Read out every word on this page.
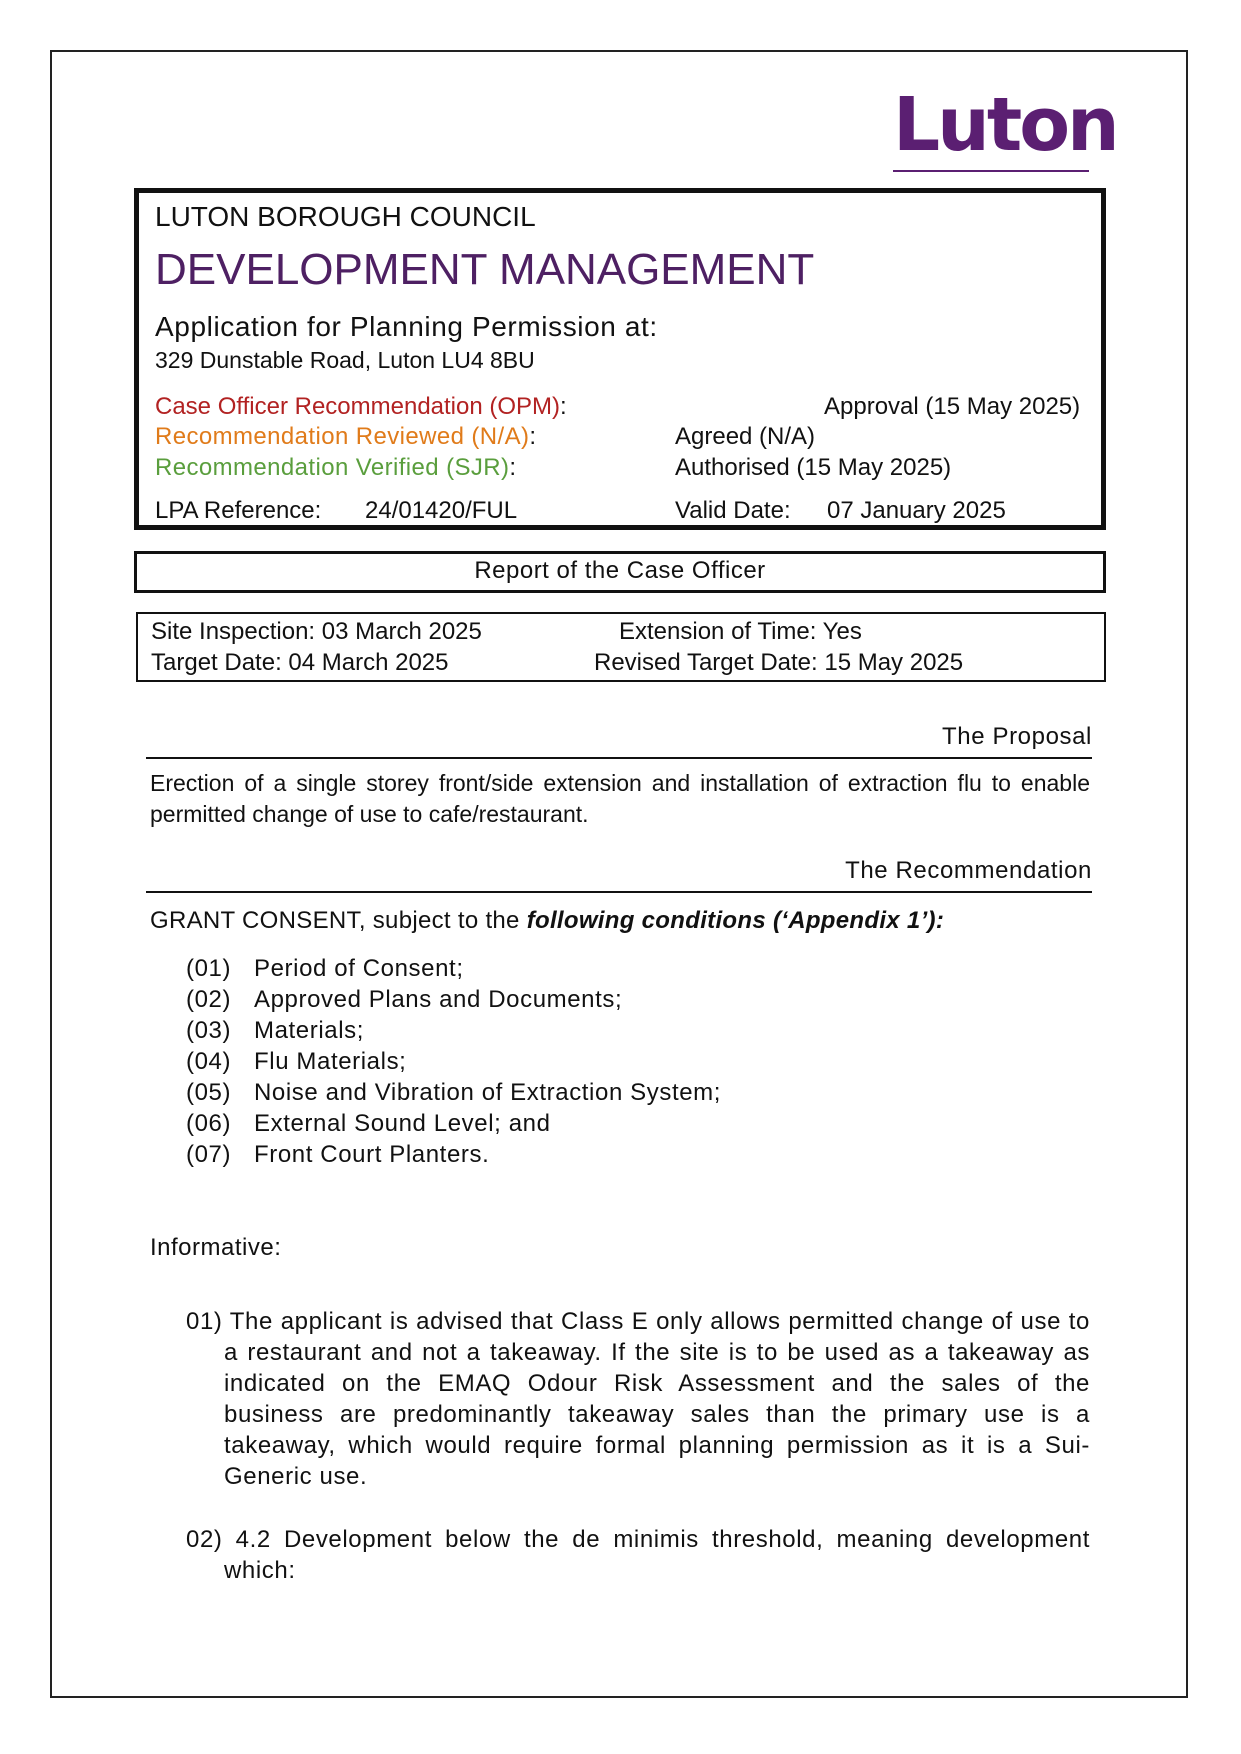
Luton
LUTON BOROUGH COUNCIL
DEVELOPMENT MANAGEMENT
Application for Planning Permission at:
329 Dunstable Road, Luton LU4 8BU
Case Officer Recommendation (OPM):	Approval (15 May 2025)
Recommendation Reviewed (N/A):	Agreed (N/A)
Recommendation Verified (SJR):	Authorised (15 May 2025)
LPA Reference: 24/01420/FUL	Valid Date: 07 January 2025
Report of the Case Officer
Site Inspection: 03 March 2025	Extension of Time: Yes
Target Date: 04 March 2025	Revised Target Date: 15 May 2025
The Proposal
Erection of a single storey front/side extension and installation of extraction flu to enable permitted change of use to cafe/restaurant.
The Recommendation
GRANT CONSENT, subject to the following conditions (‘Appendix 1’):
(01) Period of Consent;
(02) Approved Plans and Documents;
(03) Materials;
(04) Flu Materials;
(05) Noise and Vibration of Extraction System;
(06) External Sound Level; and
(07) Front Court Planters.
Informative:
01) The applicant is advised that Class E only allows permitted change of use to a restaurant and not a takeaway. If the site is to be used as a takeaway as indicated on the EMAQ Odour Risk Assessment and the sales of the business are predominantly takeaway sales than the primary use is a takeaway, which would require formal planning permission as it is a Sui-Generic use.
02) 4.2 Development below the de minimis threshold, meaning development which:
